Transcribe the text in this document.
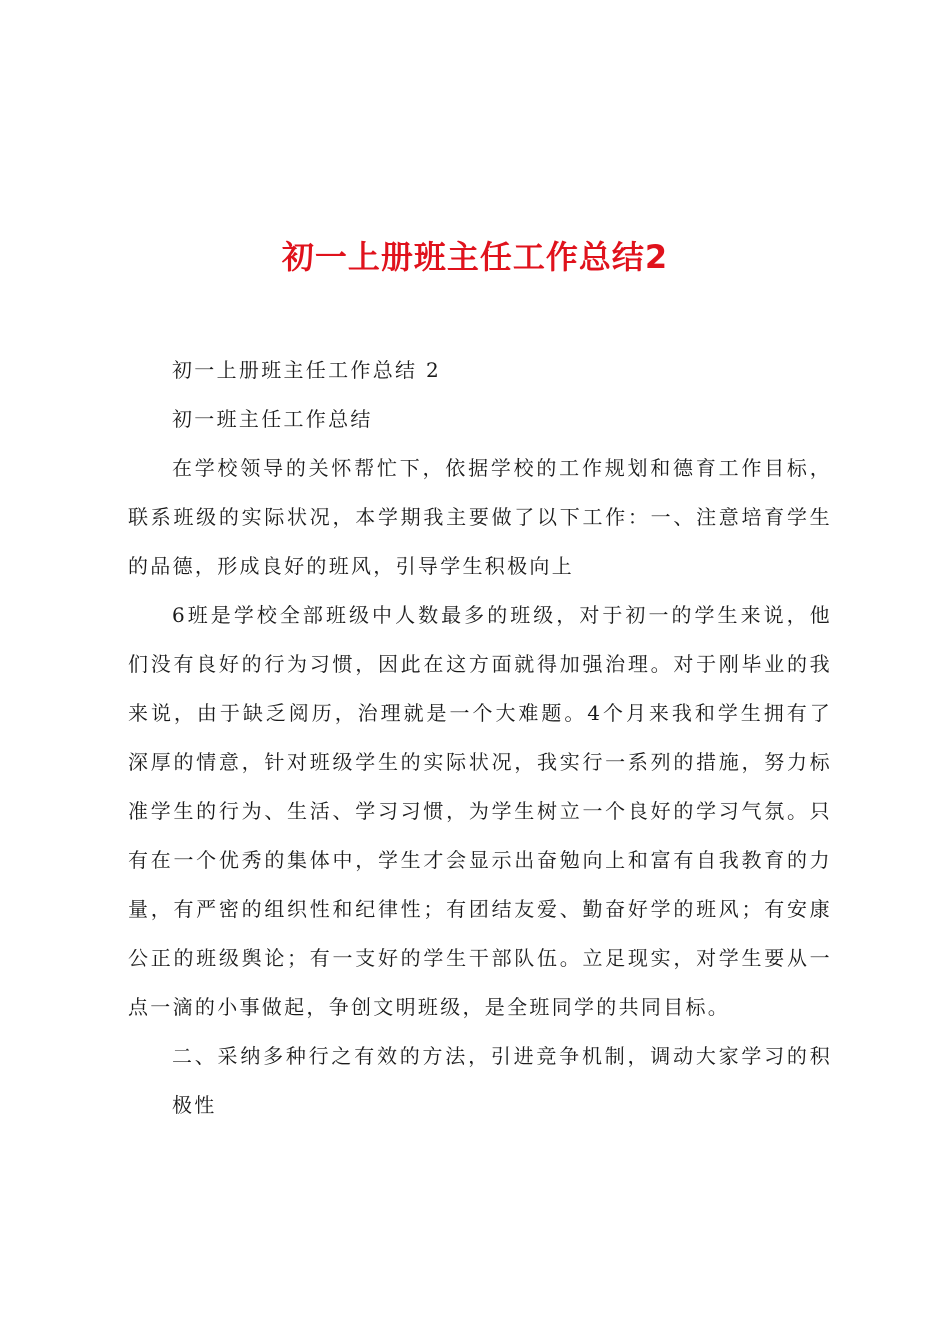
初一上册班主任工作总结2

初一上册班主任工作总结 2

初一班主任工作总结

在学校领导的关怀帮忙下，依据学校的工作规划和德育工作目标，联系班级的实际状况，本学期我主要做了以下工作：一、注意培育学生的品德，形成良好的班风，引导学生积极向上

6班是学校全部班级中人数最多的班级，对于初一的学生来说，他们没有良好的行为习惯，因此在这方面就得加强治理。对于刚毕业的我来说，由于缺乏阅历，治理就是一个大难题。4个月来我和学生拥有了深厚的情意，针对班级学生的实际状况，我实行一系列的措施，努力标准学生的行为、生活、学习习惯，为学生树立一个良好的学习气氛。只有在一个优秀的集体中，学生才会显示出奋勉向上和富有自我教育的力量，有严密的组织性和纪律性；有团结友爱、勤奋好学的班风；有安康公正的班级舆论；有一支好的学生干部队伍。立足现实，对学生要从一点一滴的小事做起，争创文明班级，是全班同学的共同目标。

二、采纳多种行之有效的方法，引进竞争机制，调动大家学习的积极性
